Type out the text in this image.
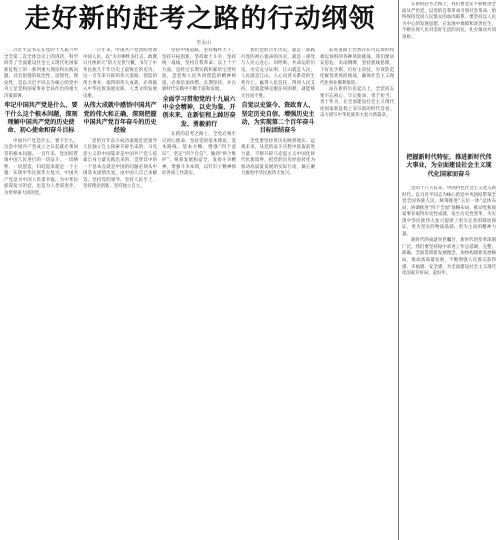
走好新的赶考之路的行动纲领
李永山

习近平总书记在党的十九届六中全会第二次全体会议上的讲话，科学回答了全面建设社会主义现代化国家新征程上的一系列重大理论和实践问题，具有很强的政治性、思想性、理论性，是以习近平同志为核心的党中央立足党和国家事业全局作出的重大决策部署。

牢记中国共产党是什么、要干什么这个根本问题，深刻理解中国共产党的历史使命、初心使命和奋斗目标

中国共产党是什么、要干什么，这是中国共产党成立之日起就必须回答的根本问题。一百年来，党团结带领中国人民进行的一切奋斗、一切牺牲、一切创造，归结起来就是一个主题：实现中华民族伟大复兴。中国共产党是为中国人民谋幸福、为中华民族谋复兴的党，也是为人类谋进步、为世界谋大同的党。

一百年来，中国共产党团结带领中国人民，以“为有牺牲多壮志，敢教日月换新天”的大无畏气概，书写了中华民族几千年历史上最恢宏的史诗。这一百年来开辟的伟大道路、创造的伟大事业、取得的伟大成就，必将载入中华民族发展史册、人类文明发展史册。

从伟大成就中感悟中国共产党的伟大和正确，深刻把握中国共产党百年奋斗的历史经验

党的百年奋斗成功道路是党领导人民独立自主探索开辟出来的，马克思主义的中国篇章是中国共产党人依靠自身力量实践出来的，贯穿其中的一个基本点就是中国的问题必须从中国基本国情出发，由中国人自己来解答。坚持党的领导，坚持人民至上，坚持理论创新，坚持独立自主。

坚持中国道路，坚持胸怀天下，坚持开拓创新，坚持敢于斗争，坚持统一战线，坚持自我革命。以上十个方面，是经过长期实践积累的宝贵经验，是党和人民共同创造的精神财富，必须倍加珍惜、长期坚持，并在新时代实践中不断丰富和发展。

全面学习贯彻党的十九届六中全会精神，以史为鉴、开创未来，在新征程上踔厉奋发、勇毅前行

在新的赶考之路上，全党必须牢记初心使命，坚持党的基本理论、基本路线、基本方略，增强“四个意识”、坚定“四个自信”、做到“两个维护”，统筹发展和安全，发扬斗争精神，增强斗争本领，以钉钉子精神抓好各项工作落实。

我们党的百年历史，就是一部践行党的初心使命的历史，就是一部党与人民心连心、同呼吸、共命运的历史。历史充分证明，江山就是人民，人民就是江山，人心向背关系党的生死存亡。赢得人民信任，得到人民支持，党就能够克服任何困难，就能够无往而不胜。

自觉以史鉴今、资政育人，坚定历史自信、增强历史主动，为实现第二个百年奋斗目标团结奋斗

全党要坚持用历史映照现实、远观未来，从党的奋斗历程中汲取前进力量，不断开辟马克思主义中国化时代化新境界，把党的历史经验转化为推动高质量发展的实际行动，凝心聚力推进中华民族伟大复兴。

前进道路上仍然存在可以预料和难以预料的各种风险挑战。我们要居安思危、未雨绸缪，坚持底线思维，下好先手棋、打好主动仗，有效防范化解各类风险挑战，确保社会主义现代化事业顺利推进。

站在新的历史起点上，全党同志要不忘初心、牢记使命，勇于担当、善于作为，在全面建设社会主义现代化国家新征程上书写新的时代答卷，奋力谱写中华民族伟大复兴新篇章。

在新的赶考之路上，我们要坚定不移推进全面从严治党，以党的自我革命引领社会革命，始终保持党同人民群众的血肉联系。要坚持以人民为中心的发展思想，在发展中保障和改善民生，不断实现人民对美好生活的向往，扎实推动共同富裕。

把握新时代特征，推进新时代伟大事业，为全面建设社会主义现代化国家而奋斗

党的十八大以来，中国特色社会主义进入新时代。以习近平同志为核心的党中央团结带领全党全国各族人民，统筹推进“五位一体”总体布局，协调推进“四个全面”战略布局，推动党和国家事业取得历史性成就、发生历史性变革，为实现中华民族伟大复兴提供了更为完善的制度保证、更为坚实的物质基础、更为主动的精神力量。

新时代的成就举世瞩目，新时代的变革深刻广泛。我们要坚持稳中求进工作总基调，完整、准确、全面贯彻新发展理念，加快构建新发展格局，推动高质量发展，不断增强人民群众获得感、幸福感、安全感，为全面建设社会主义现代化国家开好局、起好步。
